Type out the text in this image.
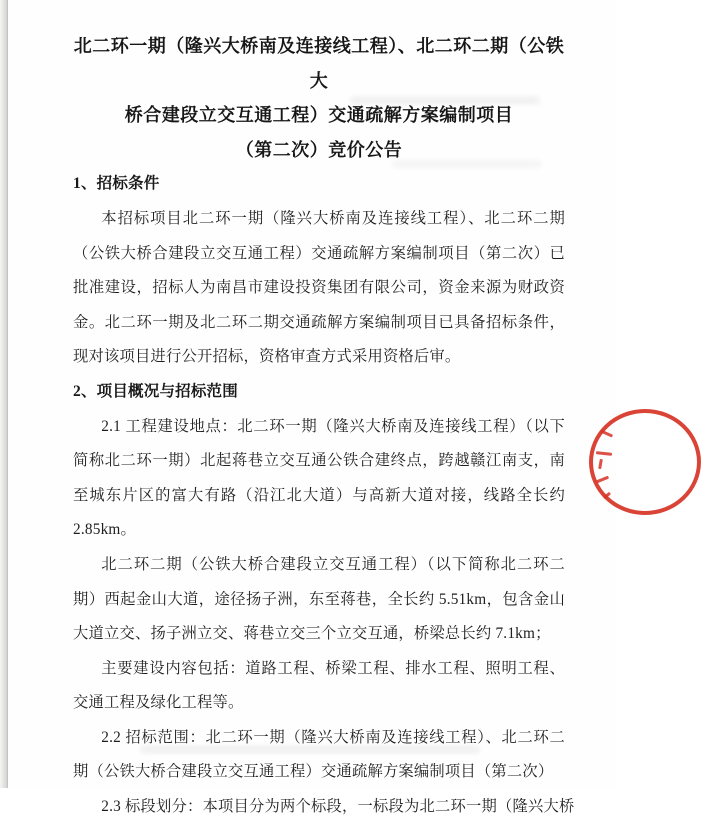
北二环一期（隆兴大桥南及连接线工程）、北二环二期（公铁大
桥合建段立交互通工程）交通疏解方案编制项目
（第二次）竞价公告
1、招标条件

本招标项目北二环一期（隆兴大桥南及连接线工程）、北二环二期（公铁大桥合建段立交互通工程）交通疏解方案编制项目（第二次）已批准建设，招标人为南昌市建设投资集团有限公司，资金来源为财政资金。北二环一期及北二环二期交通疏解方案编制项目已具备招标条件，现对该项目进行公开招标，资格审查方式采用资格后审。

2、项目概况与招标范围

2.1 工程建设地点：北二环一期（隆兴大桥南及连接线工程）（以下简称北二环一期）北起蒋巷立交互通公铁合建终点，跨越赣江南支，南至城东片区的富大有路（沿江北大道）与高新大道对接，线路全长约 2.85km。

北二环二期（公铁大桥合建段立交互通工程）（以下简称北二环二期）西起金山大道，途径扬子洲，东至蒋巷，全长约 5.51km，包含金山大道立交、扬子洲立交、蒋巷立交三个立交互通，桥梁总长约 7.1km；

主要建设内容包括：道路工程、桥梁工程、排水工程、照明工程、交通工程及绿化工程等。

2.2 招标范围：北二环一期（隆兴大桥南及连接线工程）、北二环二期（公铁大桥合建段立交互通工程）交通疏解方案编制项目（第二次）

2.3 标段划分：本项目分为两个标段，一标段为北二环一期（隆兴大桥
